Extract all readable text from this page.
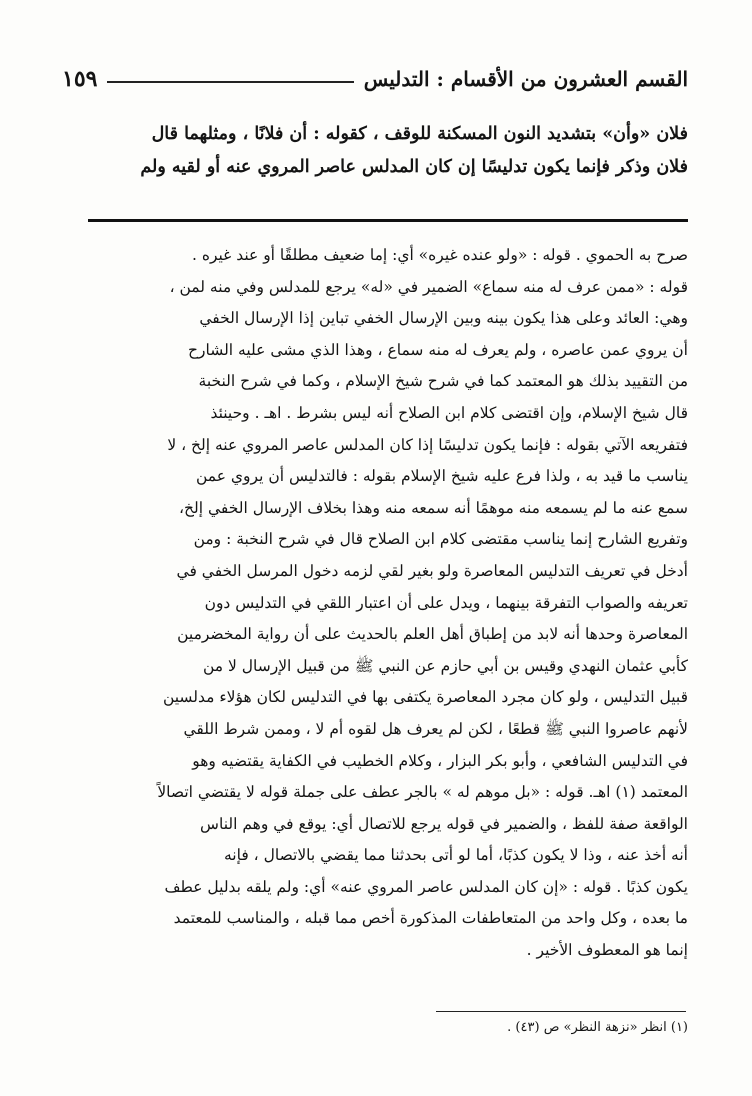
القسم العشرون من الأقسام : التدليس
١٥٩

فلان «وأن» بتشديد النون المسكنة للوقف ، كقوله : أن فلانًا ، ومثلهما قال

فلان وذكر فإنما يكون تدليسًا إن كان المدلس عاصر المروي عنه أو لقيه ولم

صرح به الحموي . قوله : «ولو عنده غيره» أي: إما ضعيف مطلقًا أو عند غيره .

قوله : «ممن عرف له منه سماع» الضمير في «له» يرجع للمدلس وفي منه لمن ،

وهي: العائد وعلى هذا يكون بينه وبين الإرسال الخفي تباين إذا الإرسال الخفي

أن يروي عمن عاصره ، ولم يعرف له منه سماع ، وهذا الذي مشى عليه الشارح

من التقييد بذلك هو المعتمد كما في شرح شيخ الإسلام ، وكما في شرح النخبة

قال شيخ الإسلام، وإن اقتضى كلام ابن الصلاح أنه ليس بشرط . اهـ . وحينئذ

فتفريعه الآتي بقوله : فإنما يكون تدليسًا إذا كان المدلس عاصر المروي عنه إلخ ، لا

يناسب ما قيد به ، ولذا فرع عليه شيخ الإسلام بقوله : فالتدليس أن يروي عمن

سمع عنه ما لم يسمعه منه موهمًا أنه سمعه منه وهذا بخلاف الإرسال الخفي إلخ،

وتفريع الشارح إنما يناسب مقتضى كلام ابن الصلاح قال في شرح النخبة : ومن

أدخل في تعريف التدليس المعاصرة ولو بغير لقي لزمه دخول المرسل الخفي في

تعريفه والصواب التفرقة بينهما ، ويدل على أن اعتبار اللقي في التدليس دون

المعاصرة وحدها أنه لابد من إطباق أهل العلم بالحديث على أن رواية المخضرمين

كأبي عثمان النهدي وقيس بن أبي حازم عن النبي ﷺ من قبيل الإرسال لا من

قبيل التدليس ، ولو كان مجرد المعاصرة يكتفى بها في التدليس لكان هؤلاء مدلسين

لأنهم عاصروا النبي ﷺ قطعًا ، لكن لم يعرف هل لقوه أم لا ، وممن شرط اللقي

في التدليس الشافعي ، وأبو بكر البزار ، وكلام الخطيب في الكفاية يقتضيه وهو

المعتمد (١) اهـ. قوله : «بل موهم له » بالجر عطف على جملة قوله لا يقتضي اتصالاً

الواقعة صفة للفظ ، والضمير في قوله يرجع للاتصال أي: يوقع في وهم الناس

أنه أخذ عنه ، وذا لا يكون كذبًا، أما لو أتى بحدثنا مما يقضي بالاتصال ، فإنه

يكون كذبًا . قوله : «إن كان المدلس عاصر المروي عنه» أي: ولم يلقه بدليل عطف

ما بعده ، وكل واحد من المتعاطفات المذكورة أخص مما قبله ، والمناسب للمعتمد

إنما هو المعطوف الأخير .

(١) انظر «نزهة النظر» ص (٤٣) .
